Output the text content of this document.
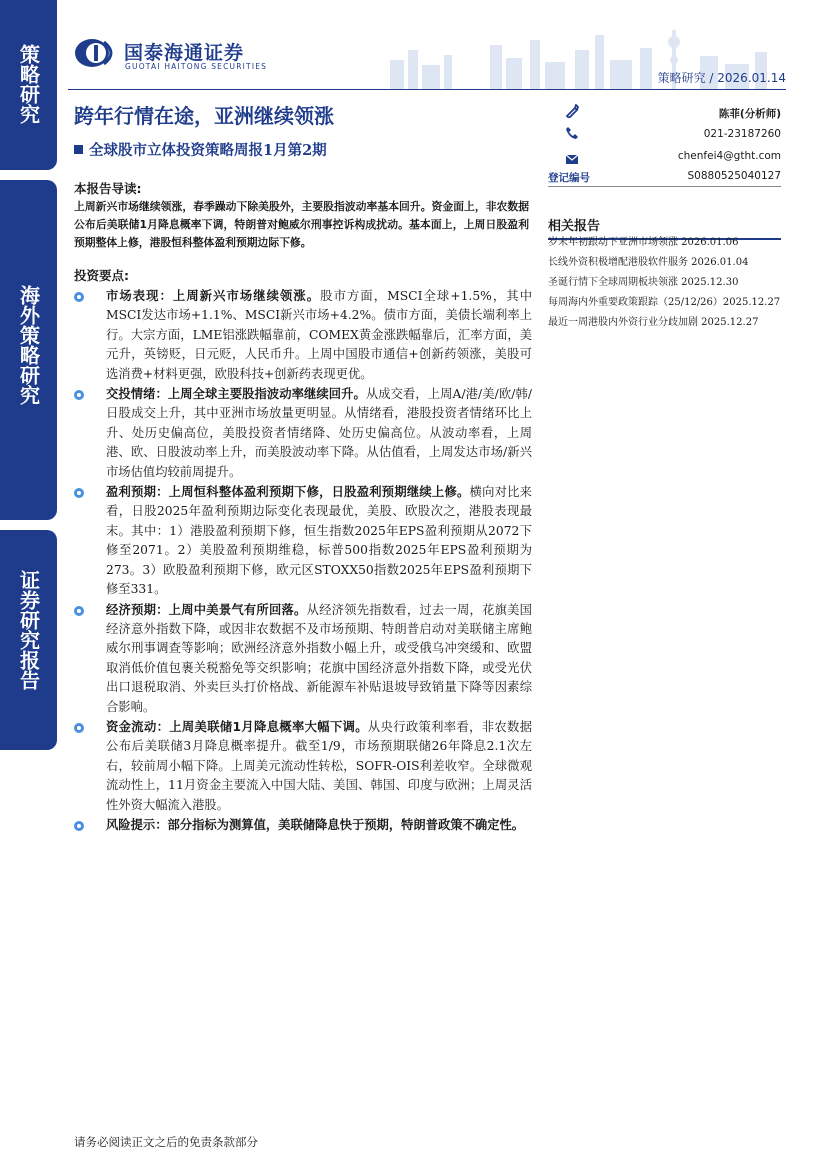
策略研究
海外策略研究
证券研究报告
国泰海通证券
GUOTAI HAITONG SECURITIES
策略研究 / 2026.01.14
跨年行情在途，亚洲继续领涨
全球股市立体投资策略周报1月第2期
陈菲(分析师)
021-23187260
chenfei4@gtht.com
登记编号	S0880525040127
相关报告
岁末年初跟动下亚洲市场领涨 2026.01.06
长线外资积极增配港股软件服务 2026.01.04
圣诞行情下全球周期板块领涨 2025.12.30
每周海内外重要政策跟踪（25/12/26）2025.12.27
最近一周港股内外资行业分歧加剧 2025.12.27
本报告导读:
上周新兴市场继续领涨，春季躁动下除美股外，主要股指波动率基本回升。资金面上，非农数据公布后美联储1月降息概率下调，特朗普对鲍威尔刑事控诉构成扰动。基本面上，上周日股盈利预期整体上修，港股恒科整体盈利预期边际下修。
投资要点:
市场表现：上周新兴市场继续领涨。股市方面，MSCI全球+1.5%，其中MSCI发达市场+1.1%、MSCI新兴市场+4.2%。债市方面，美债长端利率上行。大宗方面，LME铝涨跌幅靠前，COMEX黄金涨跌幅靠后，汇率方面，美元升，英镑贬，日元贬，人民币升。上周中国股市通信+创新药领涨，美股可选消费+材料更强，欧股科技+创新药表现更优。
交投情绪：上周全球主要股指波动率继续回升。从成交看，上周A/港/美/欧/韩/日股成交上升，其中亚洲市场放量更明显。从情绪看，港股投资者情绪环比上升、处历史偏高位，美股投资者情绪降、处历史偏高位。从波动率看，上周港、欧、日股波动率上升，而美股波动率下降。从估值看，上周发达市场/新兴市场估值均较前周提升。
盈利预期：上周恒科整体盈利预期下修，日股盈利预期继续上修。横向对比来看，日股2025年盈利预期边际变化表现最优，美股、欧股次之，港股表现最末。其中：1）港股盈利预期下修，恒生指数2025年EPS盈利预期从2072下修至2071。2）美股盈利预期维稳，标普500指数2025年EPS盈利预期为273。3）欧股盈利预期下修，欧元区STOXX50指数2025年EPS盈利预期下修至331。
经济预期：上周中美景气有所回落。从经济领先指数看，过去一周，花旗美国经济意外指数下降，或因非农数据不及市场预期、特朗普启动对美联储主席鲍威尔刑事调查等影响；欧洲经济意外指数小幅上升，或受俄乌冲突缓和、欧盟取消低价值包裹关税豁免等交织影响；花旗中国经济意外指数下降，或受光伏出口退税取消、外卖巨头打价格战、新能源车补贴退坡导致销量下降等因素综合影响。
资金流动：上周美联储1月降息概率大幅下调。从央行政策利率看，非农数据公布后美联储3月降息概率提升。截至1/9，市场预期联储26年降息2.1次左右，较前周小幅下降。上周美元流动性转松，SOFR-OIS利差收窄。全球微观流动性上，11月资金主要流入中国大陆、美国、韩国、印度与欧洲；上周灵活性外资大幅流入港股。
风险提示：部分指标为测算值，美联储降息快于预期，特朗普政策不确定性。
请务必阅读正文之后的免责条款部分
